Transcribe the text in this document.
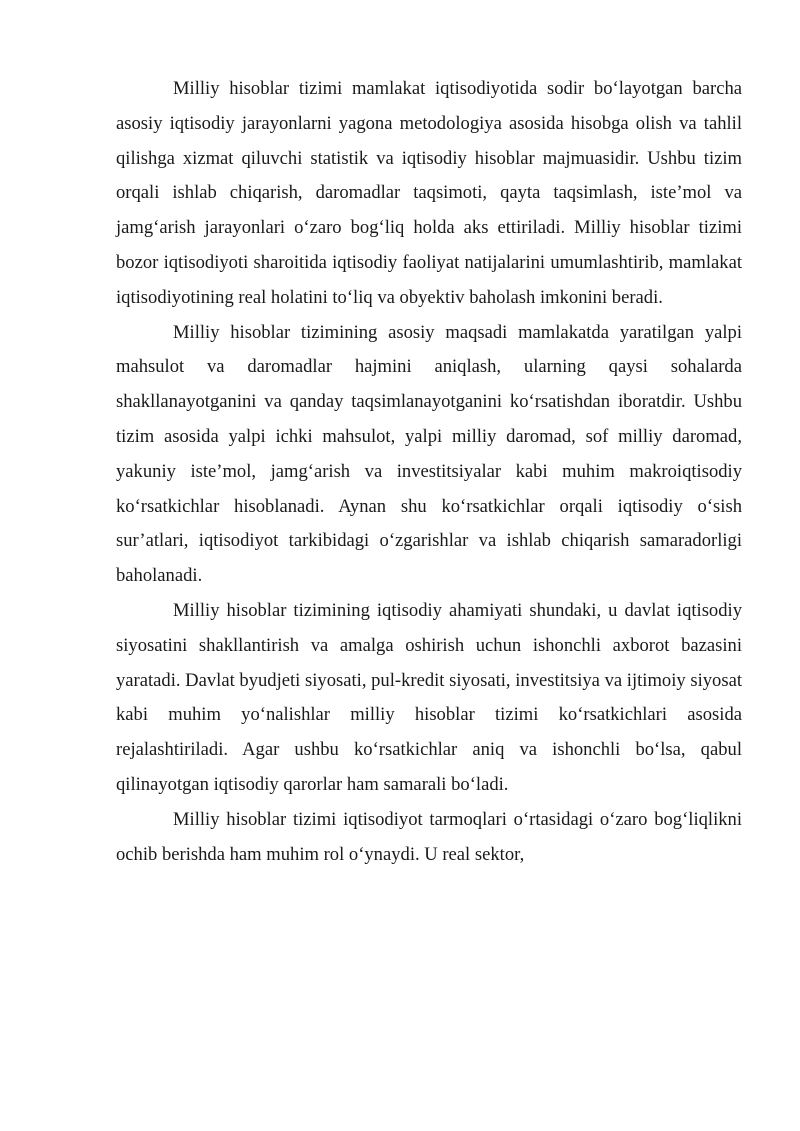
Milliy hisoblar tizimi mamlakat iqtisodiyotida sodir bo‘layotgan barcha asosiy iqtisodiy jarayonlarni yagona metodologiya asosida hisobga olish va tahlil qilishga xizmat qiluvchi statistik va iqtisodiy hisoblar majmuasidir. Ushbu tizim orqali ishlab chiqarish, daromadlar taqsimoti, qayta taqsimlash, iste’mol va jamg‘arish jarayonlari o‘zaro bog‘liq holda aks ettiriladi. Milliy hisoblar tizimi bozor iqtisodiyoti sharoitida iqtisodiy faoliyat natijalarini umumlashtirib, mamlakat iqtisodiyotining real holatini to‘liq va obyektiv baholash imkonini beradi.

Milliy hisoblar tizimining asosiy maqsadi mamlakatda yaratilgan yalpi mahsulot va daromadlar hajmini aniqlash, ularning qaysi sohalarda shakllanayotganini va qanday taqsimlanayotganini ko‘rsatishdan iboratdir. Ushbu tizim asosida yalpi ichki mahsulot, yalpi milliy daromad, sof milliy daromad, yakuniy iste’mol, jamg‘arish va investitsiyalar kabi muhim makroiqtisodiy ko‘rsatkichlar hisoblanadi. Aynan shu ko‘rsatkichlar orqali iqtisodiy o‘sish sur’atlari, iqtisodiyot tarkibidagi o‘zgarishlar va ishlab chiqarish samaradorligi baholanadi.

Milliy hisoblar tizimining iqtisodiy ahamiyati shundaki, u davlat iqtisodiy siyosatini shakllantirish va amalga oshirish uchun ishonchli axborot bazasini yaratadi. Davlat byudjeti siyosati, pul-kredit siyosati, investitsiya va ijtimoiy siyosat kabi muhim yo‘nalishlar milliy hisoblar tizimi ko‘rsatkichlari asosida rejalashtiriladi. Agar ushbu ko‘rsatkichlar aniq va ishonchli bo‘lsa, qabul qilinayotgan iqtisodiy qarorlar ham samarali bo‘ladi.

Milliy hisoblar tizimi iqtisodiyot tarmoqlari o‘rtasidagi o‘zaro bog‘liqlikni ochib berishda ham muhim rol o‘ynaydi. U real sektor,
